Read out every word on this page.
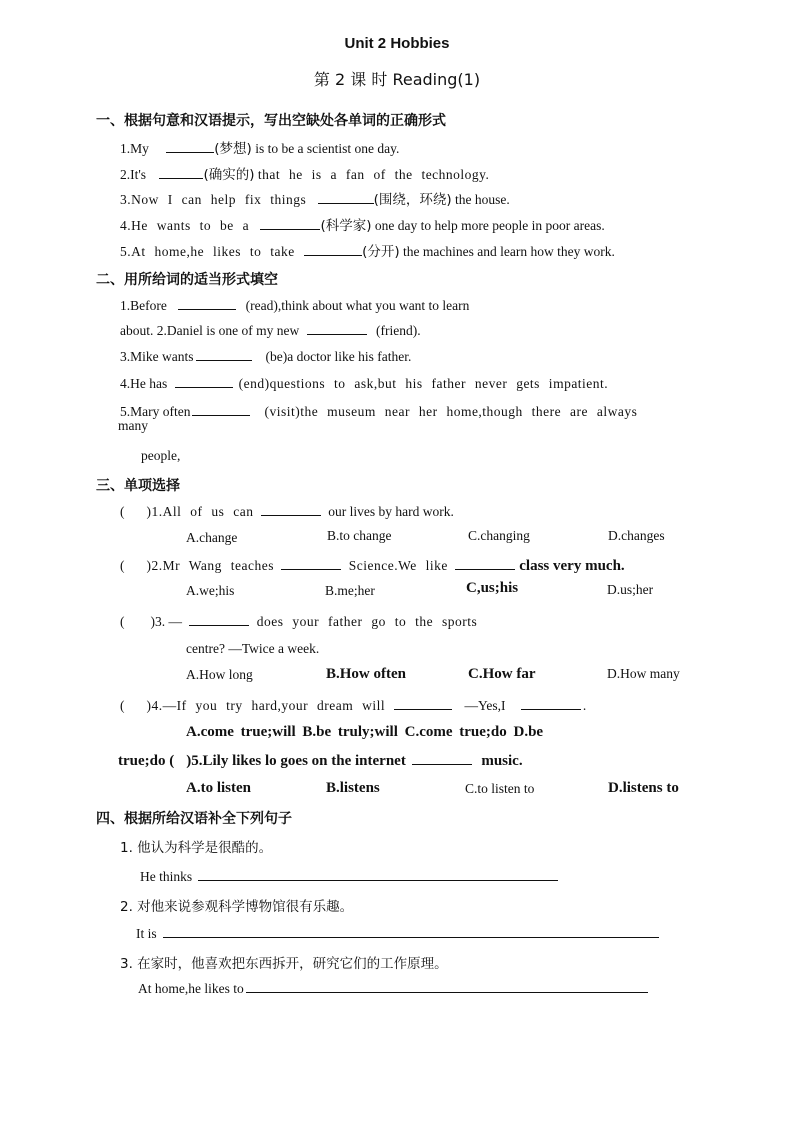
Unit 2 Hobbies
第 2 课 时 Reading(1)
一、根据句意和汉语提示，写出空缺处各单词的正确形式
1.My	(梦想) is to be a scientist one day.
2.It's	(确实的) that he is a fan of the technology.
3.Now I can help fix things	(围绕，环绕) the house.
4.He wants to be a	(科学家) one day to help more people in poor areas.
5.At home,he likes to take	(分开) the machines and learn how they work.
二、用所给词的适当形式填空
1.Before	(read),think about what you want to learn
about. 2.Daniel is one of my new	(friend).
3.Mike wants	(be)a doctor like his father.
4.He has	(end)questions to ask,but his father never gets impatient.
5.Mary often	(visit)the museum near her home,though there are always
many
people,
三、单项选择
( )1.All of us can	our lives by hard work.
A.change	B.to change	C.changing	D.changes
( )2.Mr Wang teaches	Science.We like	class very much.
A.we;his	B.me;her	C,us;his	D.us;her
( )3. —	does your father go to the sports
centre? —Twice a week.
A.How long	B.How often	C.How far	D.How many
( )4.—If you try hard,your dream will	—Yes,I	.
A.come true;will B.be truly;will C.come true;do D.be
true;do ( )5.Lily likes lo goes on the internet	music.
A.to listen	B.listens	C.to listen to	D.listens to
四、根据所给汉语补全下列句子
1. 他认为科学是很酷的。
He thinks
2. 对他来说参观科学博物馆很有乐趣。
It is
3. 在家时，他喜欢把东西拆开，研究它们的工作原理。
At home,he likes to
